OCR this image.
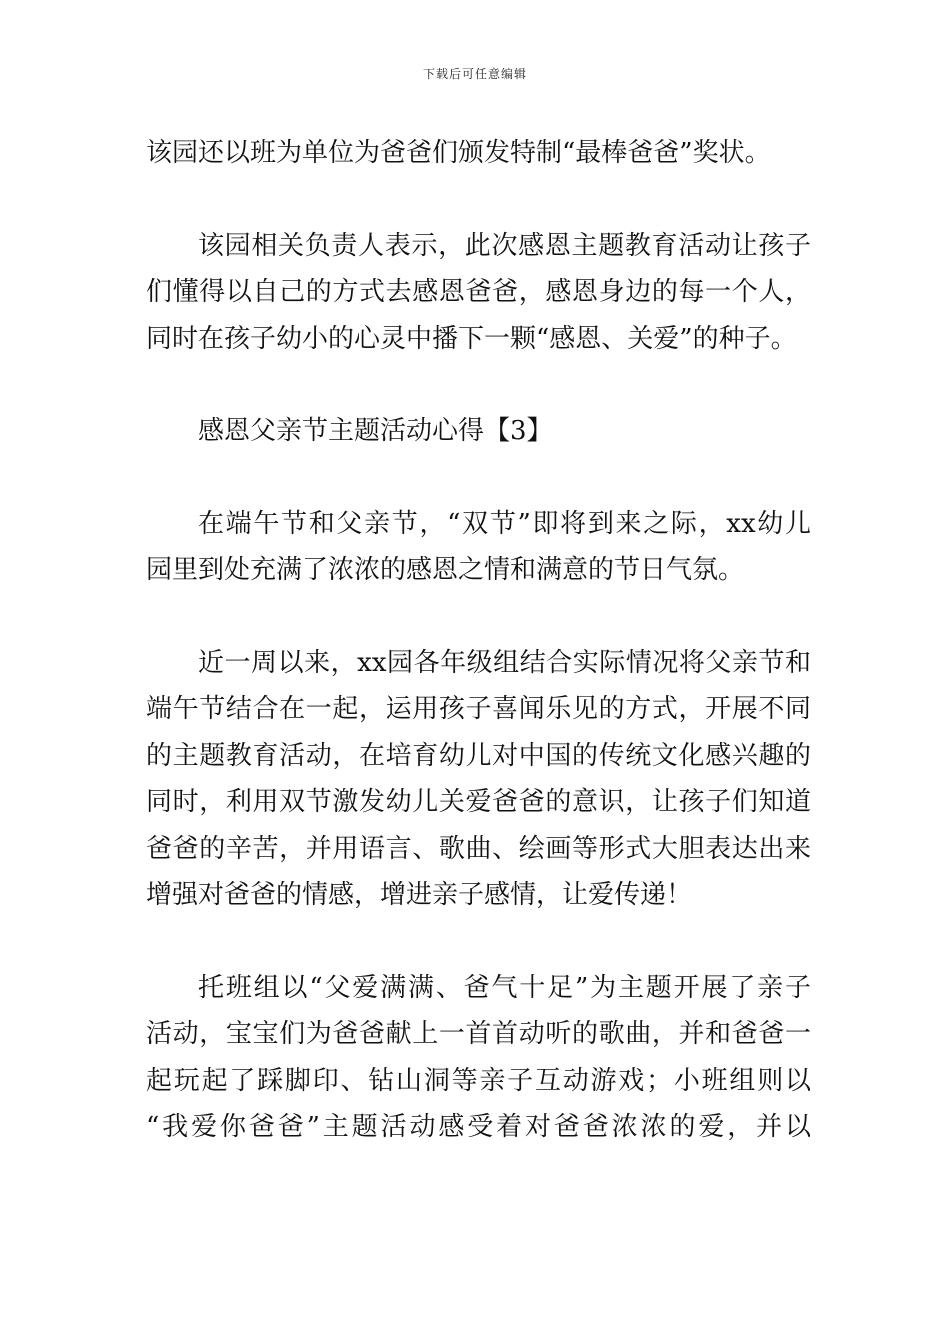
下载后可任意编辑
该园还以班为单位为爸爸们颁发特制“最棒爸爸”奖状。
该园相关负责人表示，此次感恩主题教育活动让孩子
们懂得以自己的方式去感恩爸爸，感恩身边的每一个人，
同时在孩子幼小的心灵中播下一颗“感恩、关爱”的种子。
感恩父亲节主题活动心得【3】
在端午节和父亲节，“双节”即将到来之际，xx幼儿
园里到处充满了浓浓的感恩之情和满意的节日气氛。
近一周以来，xx园各年级组结合实际情况将父亲节和
端午节结合在一起，运用孩子喜闻乐见的方式，开展不同
的主题教育活动，在培育幼儿对中国的传统文化感兴趣的
同时，利用双节激发幼儿关爱爸爸的意识，让孩子们知道
爸爸的辛苦，并用语言、歌曲、绘画等形式大胆表达出来
增强对爸爸的情感，增进亲子感情，让爱传递！
托班组以“父爱满满、爸气十足”为主题开展了亲子
活动，宝宝们为爸爸献上一首首动听的歌曲，并和爸爸一
起玩起了踩脚印、钻山洞等亲子互动游戏；小班组则以
“我爱你爸爸”主题活动感受着对爸爸浓浓的爱，并以
